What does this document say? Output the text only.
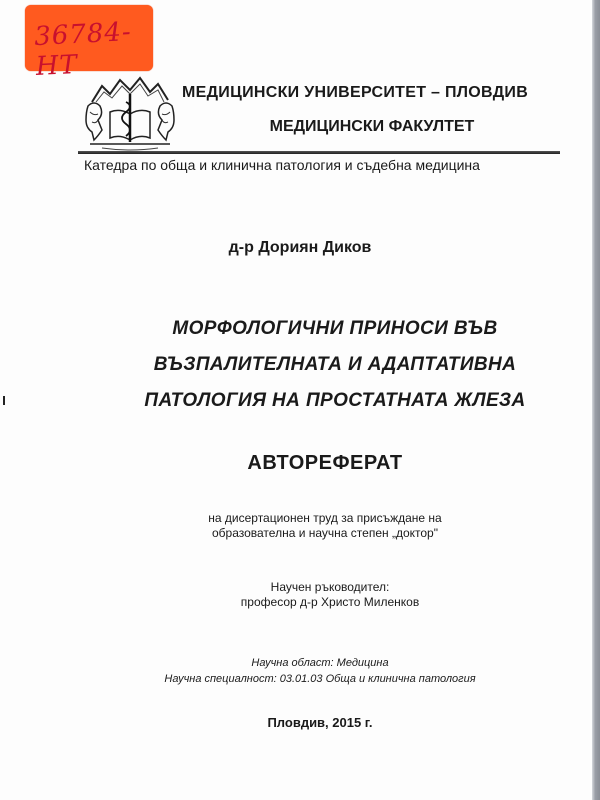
36784-НТ
МЕДИЦИНСКИ УНИВЕРСИТЕТ – ПЛОВДИВ
МЕДИЦИНСКИ ФАКУЛТЕТ
Катедра по обща и клинична патология и съдебна медицина
д-р Дориян Диков
МОРФОЛОГИЧНИ ПРИНОСИ ВЪВ
ВЪЗПАЛИТЕЛНАТА И АДАПТАТИВНА
ПАТОЛОГИЯ НА ПРОСТАТНАТА ЖЛЕЗА
АВТОРЕФЕРАТ
на дисертационен труд за присъждане на
образователна и научна степен „доктор"
Научен ръководител:
професор д-р Христо Миленков
Научна област: Медицина
Научна специалност: 03.01.03 Обща и клинична патология
Пловдив, 2015 г.
